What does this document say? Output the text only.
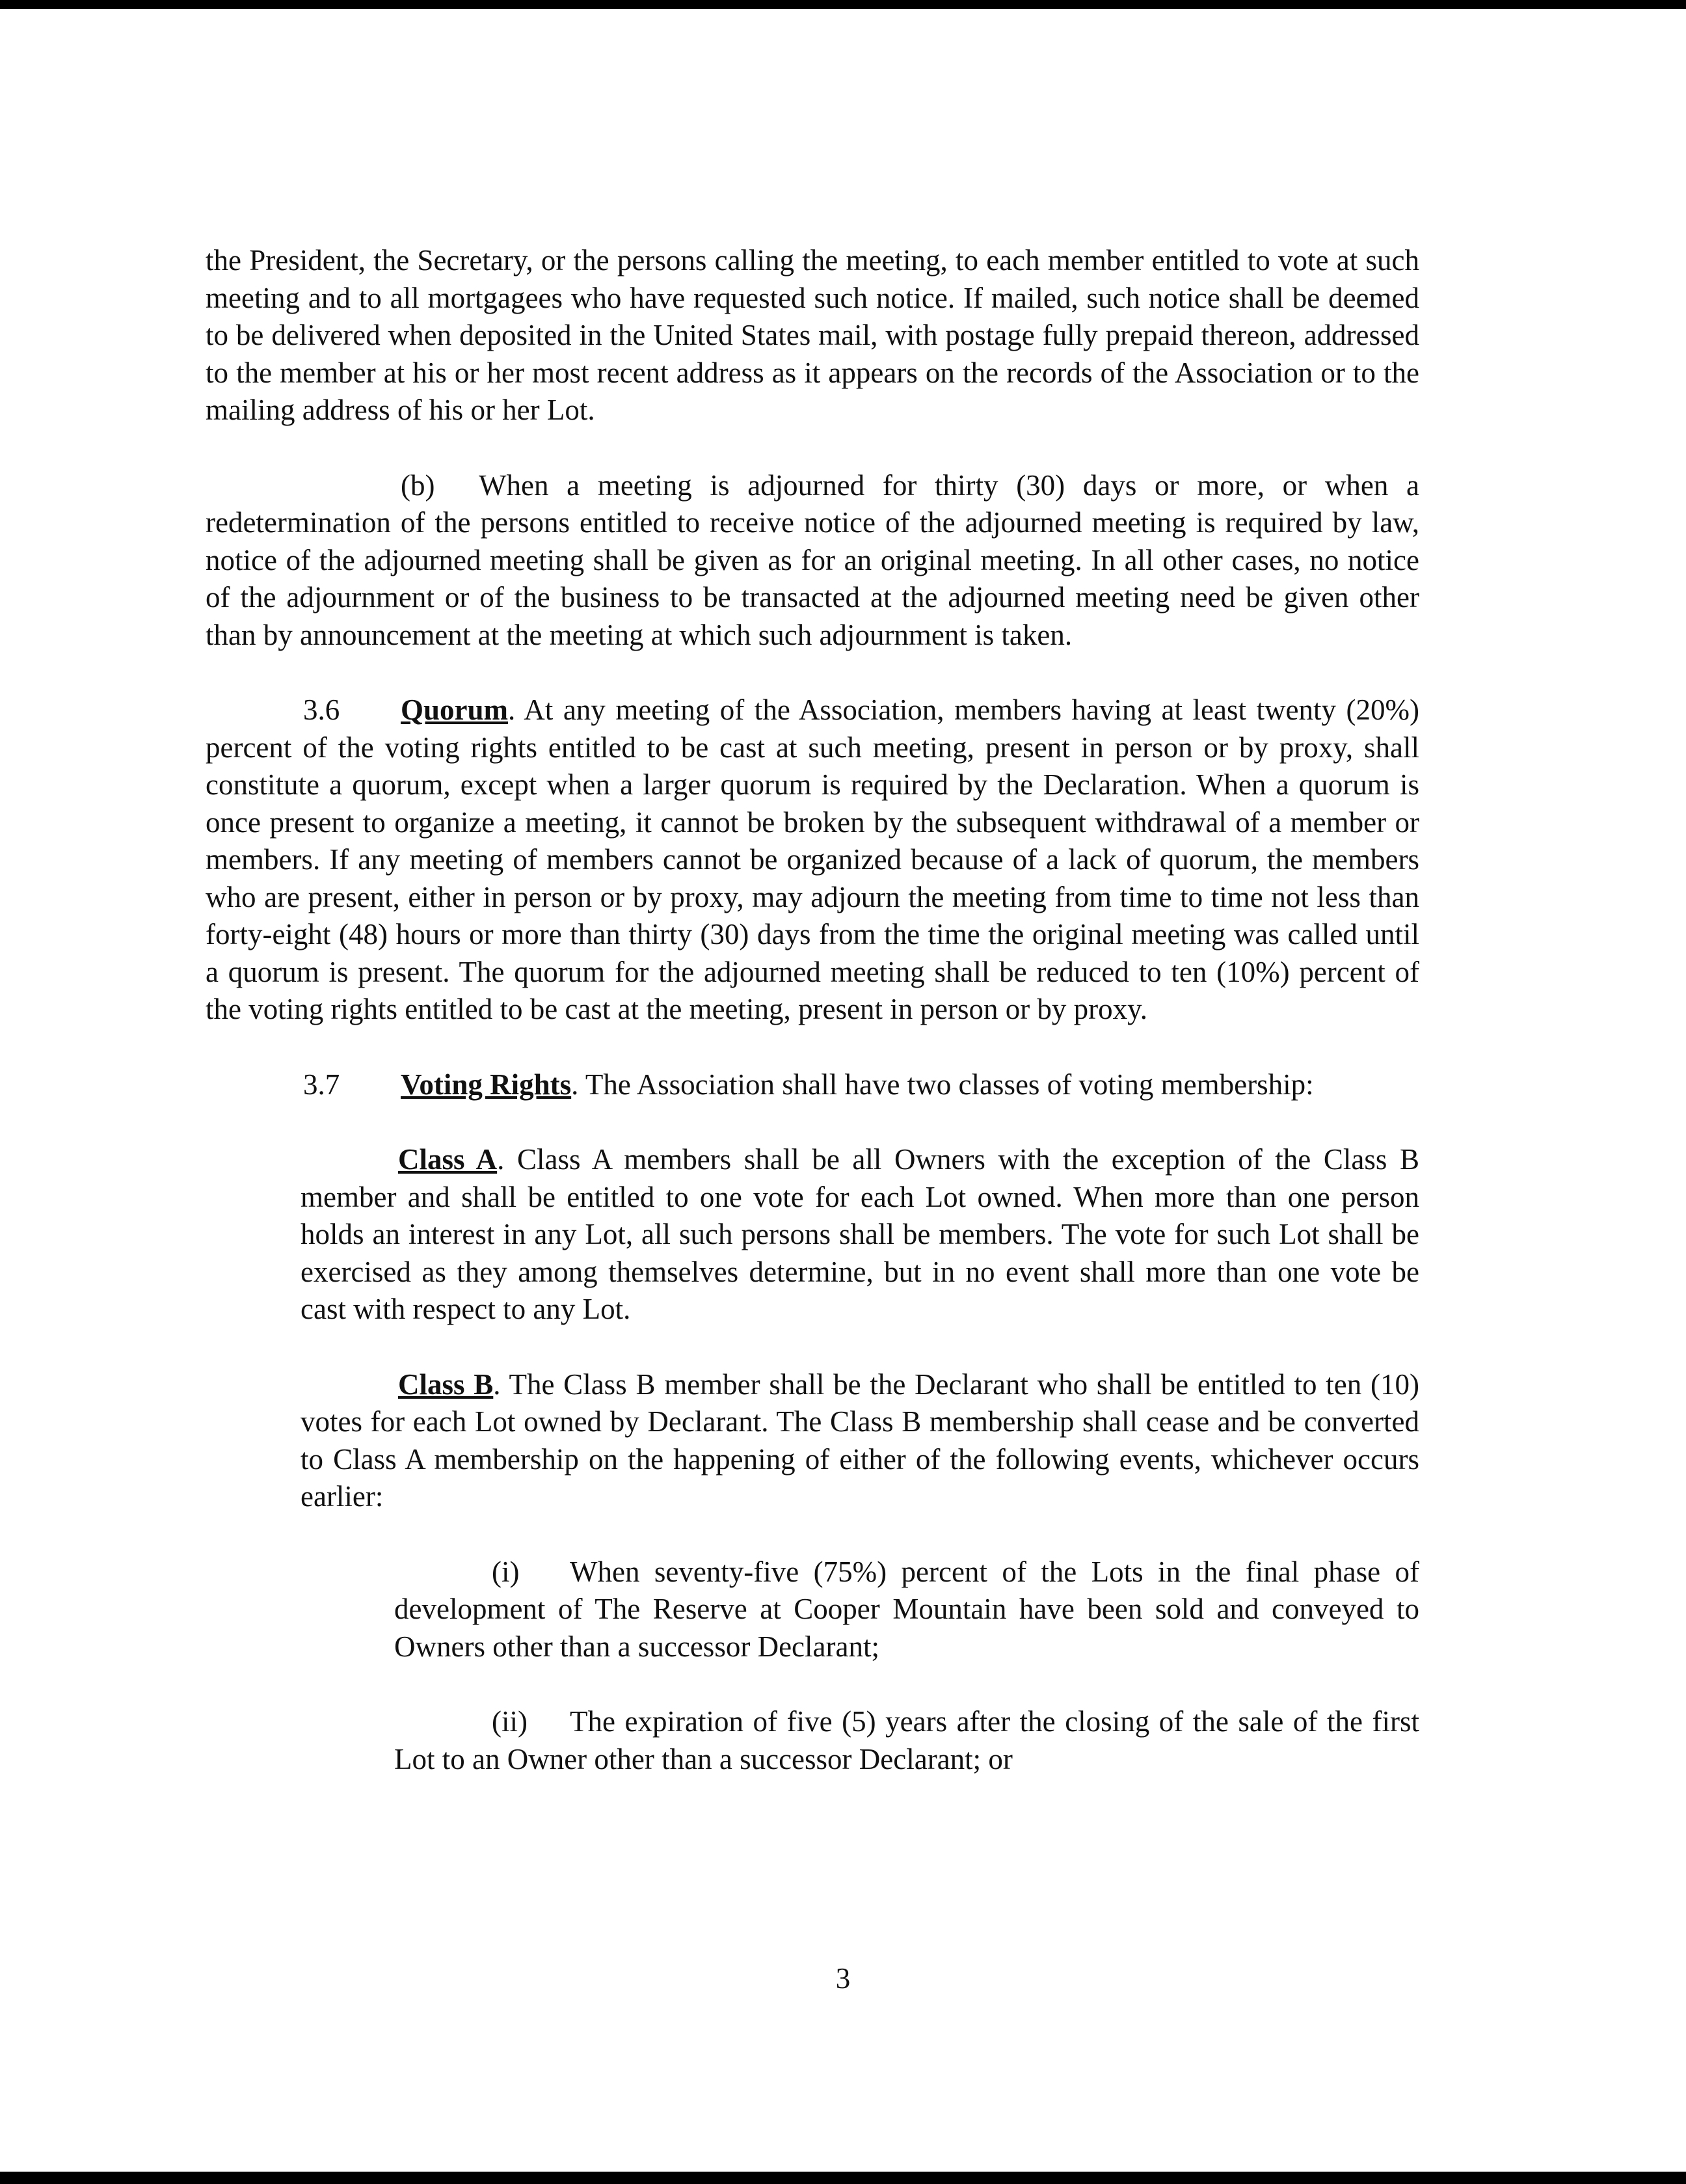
the President, the Secretary, or the persons calling the meeting, to each member entitled to vote at such meeting and to all mortgagees who have requested such notice. If mailed, such notice shall be deemed to be delivered when deposited in the United States mail, with postage fully prepaid thereon, addressed to the member at his or her most recent address as it appears on the records of the Association or to the mailing address of his or her Lot.

(b) When a meeting is adjourned for thirty (30) days or more, or when a redetermination of the persons entitled to receive notice of the adjourned meeting is required by law, notice of the adjourned meeting shall be given as for an original meeting. In all other cases, no notice of the adjournment or of the business to be transacted at the adjourned meeting need be given other than by announcement at the meeting at which such adjournment is taken.

3.6 Quorum. At any meeting of the Association, members having at least twenty (20%) percent of the voting rights entitled to be cast at such meeting, present in person or by proxy, shall constitute a quorum, except when a larger quorum is required by the Declaration. When a quorum is once present to organize a meeting, it cannot be broken by the subsequent withdrawal of a member or members. If any meeting of members cannot be organized because of a lack of quorum, the members who are present, either in person or by proxy, may adjourn the meeting from time to time not less than forty-eight (48) hours or more than thirty (30) days from the time the original meeting was called until a quorum is present. The quorum for the adjourned meeting shall be reduced to ten (10%) percent of the voting rights entitled to be cast at the meeting, present in person or by proxy.

3.7 Voting Rights. The Association shall have two classes of voting membership:

Class A. Class A members shall be all Owners with the exception of the Class B member and shall be entitled to one vote for each Lot owned. When more than one person holds an interest in any Lot, all such persons shall be members. The vote for such Lot shall be exercised as they among themselves determine, but in no event shall more than one vote be cast with respect to any Lot.

Class B. The Class B member shall be the Declarant who shall be entitled to ten (10) votes for each Lot owned by Declarant. The Class B membership shall cease and be converted to Class A membership on the happening of either of the following events, whichever occurs earlier:

(i) When seventy-five (75%) percent of the Lots in the final phase of development of The Reserve at Cooper Mountain have been sold and conveyed to Owners other than a successor Declarant;

(ii) The expiration of five (5) years after the closing of the sale of the first Lot to an Owner other than a successor Declarant; or

3
